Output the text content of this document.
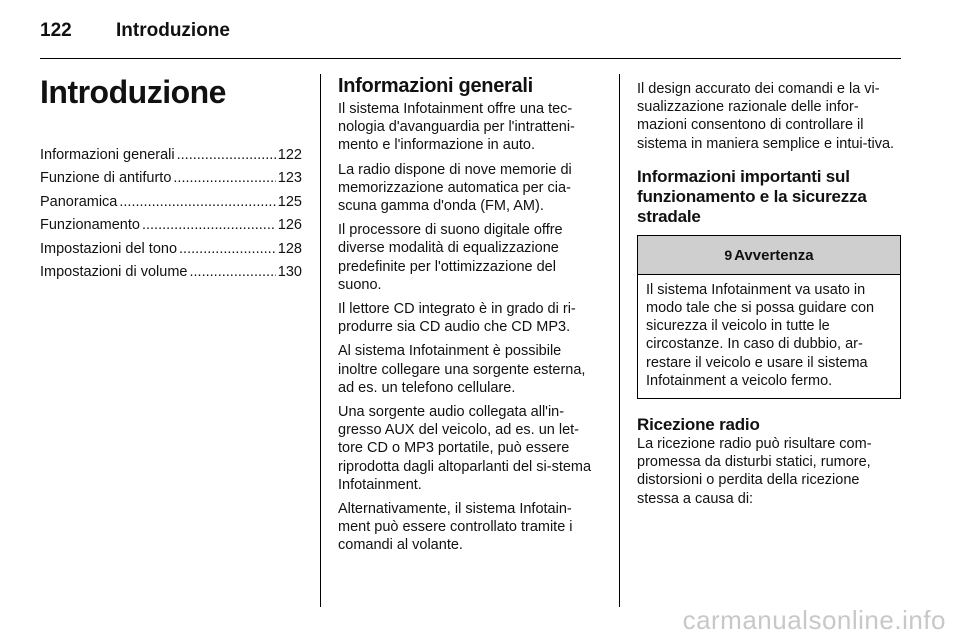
122 Introduzione
Introduzione
Informazioni generali .....	122
Funzione di antifurto .....	123
Panoramica .....	125
Funzionamento .....	126
Impostazioni del tono .....	128
Impostazioni di volume .....	130
Informazioni generali

Il sistema Infotainment offre una tec-nologia d'avanguardia per l'intratteni-mento e l'informazione in auto.

La radio dispone di nove memorie di memorizzazione automatica per cia-scuna gamma d'onda (FM, AM).

Il processore di suono digitale offre diverse modalità di equalizzazione predefinite per l'ottimizzazione del suono.

Il lettore CD integrato è in grado di ri-produrre sia CD audio che CD MP3.

Al sistema Infotainment è possibile inoltre collegare una sorgente esterna, ad es. un telefono cellulare.

Una sorgente audio collegata all'in-gresso AUX del veicolo, ad es. un let-tore CD o MP3 portatile, può essere riprodotta dagli altoparlanti del si-stema Infotainment.

Alternativamente, il sistema Infotain-ment può essere controllato tramite i comandi al volante.

Il design accurato dei comandi e la vi-sualizzazione razionale delle infor-mazioni consentono di controllare il sistema in maniera semplice e intui-tiva.

Informazioni importanti sul funzionamento e la sicurezza stradale
9 Avvertenza
Il sistema Infotainment va usato in modo tale che si possa guidare con sicurezza il veicolo in tutte le circostanze. In caso di dubbio, ar-restare il veicolo e usare il sistema Infotainment a veicolo fermo.
Ricezione radio

La ricezione radio può risultare com-promessa da disturbi statici, rumore, distorsioni o perdita della ricezione stessa a causa di:

carmanualsonline.info
